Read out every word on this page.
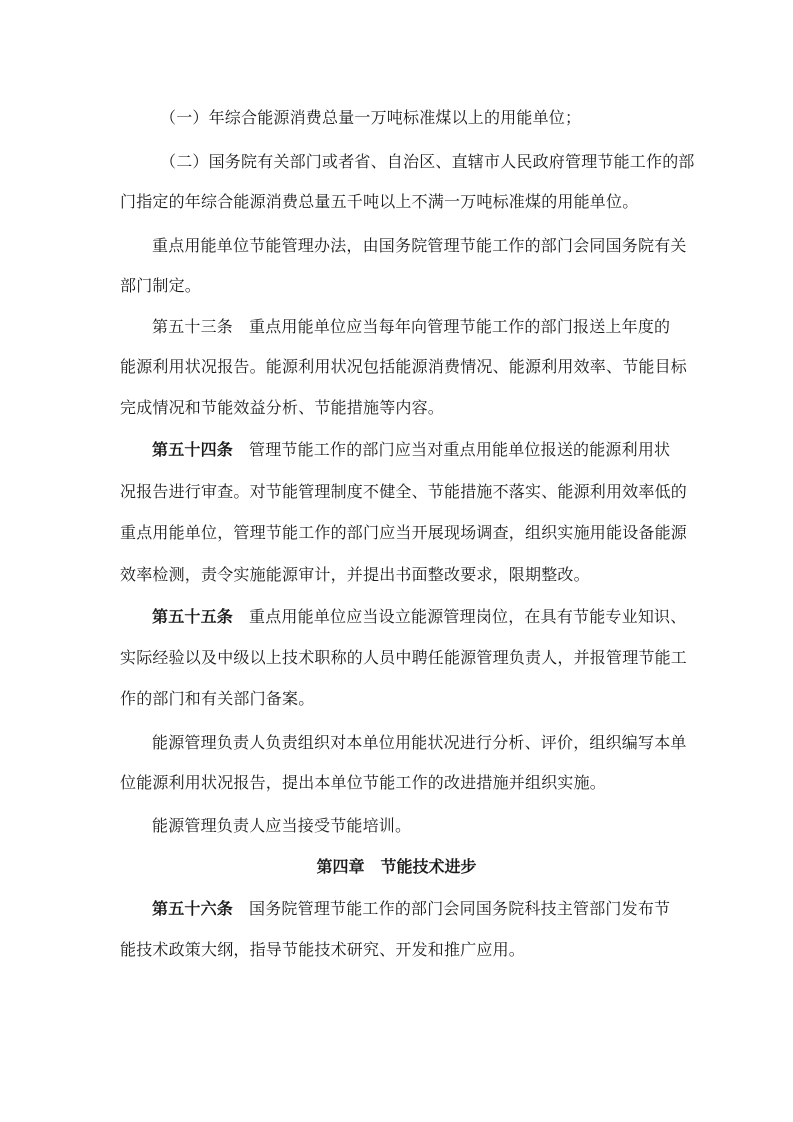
（一）年综合能源消费总量一万吨标准煤以上的用能单位；
（二）国务院有关部门或者省、自治区、直辖市人民政府管理节能工作的部
门指定的年综合能源消费总量五千吨以上不满一万吨标准煤的用能单位。
重点用能单位节能管理办法，由国务院管理节能工作的部门会同国务院有关
部门制定。
第五十三条 重点用能单位应当每年向管理节能工作的部门报送上年度的
能源利用状况报告。能源利用状况包括能源消费情况、能源利用效率、节能目标
完成情况和节能效益分析、节能措施等内容。
第五十四条 管理节能工作的部门应当对重点用能单位报送的能源利用状
况报告进行审查。对节能管理制度不健全、节能措施不落实、能源利用效率低的
重点用能单位，管理节能工作的部门应当开展现场调查，组织实施用能设备能源
效率检测，责令实施能源审计，并提出书面整改要求，限期整改。
第五十五条 重点用能单位应当设立能源管理岗位，在具有节能专业知识、
实际经验以及中级以上技术职称的人员中聘任能源管理负责人，并报管理节能工
作的部门和有关部门备案。
能源管理负责人负责组织对本单位用能状况进行分析、评价，组织编写本单
位能源利用状况报告，提出本单位节能工作的改进措施并组织实施。
能源管理负责人应当接受节能培训。
第四章　节能技术进步
第五十六条 国务院管理节能工作的部门会同国务院科技主管部门发布节
能技术政策大纲，指导节能技术研究、开发和推广应用。
